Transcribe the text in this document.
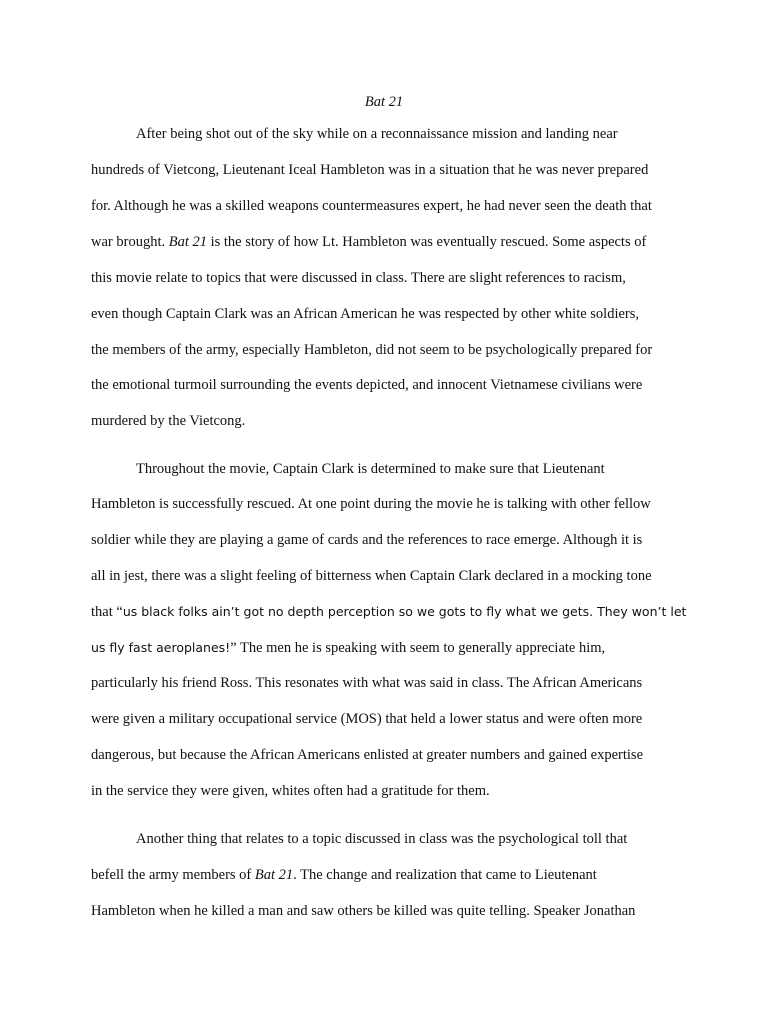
Bat 21
After being shot out of the sky while on a reconnaissance mission and landing near
hundreds of Vietcong, Lieutenant Iceal Hambleton was in a situation that he was never prepared
for. Although he was a skilled weapons countermeasures expert, he had never seen the death that
war brought. Bat 21 is the story of how Lt. Hambleton was eventually rescued. Some aspects of
this movie relate to topics that were discussed in class. There are slight references to racism,
even though Captain Clark was an African American he was respected by other white soldiers,
the members of the army, especially Hambleton, did not seem to be psychologically prepared for
the emotional turmoil surrounding the events depicted, and innocent Vietnamese civilians were
murdered by the Vietcong.
Throughout the movie, Captain Clark is determined to make sure that Lieutenant
Hambleton is successfully rescued. At one point during the movie he is talking with other fellow
soldier while they are playing a game of cards and the references to race emerge. Although it is
all in jest, there was a slight feeling of bitterness when Captain Clark declared in a mocking tone
that “us black folks ain’t got no depth perception so we gots to fly what we gets. They won’t let
us fly fast aeroplanes!” The men he is speaking with seem to generally appreciate him,
particularly his friend Ross. This resonates with what was said in class. The African Americans
were given a military occupational service (MOS) that held a lower status and were often more
dangerous, but because the African Americans enlisted at greater numbers and gained expertise
in the service they were given, whites often had a gratitude for them.
Another thing that relates to a topic discussed in class was the psychological toll that
befell the army members of Bat 21. The change and realization that came to Lieutenant
Hambleton when he killed a man and saw others be killed was quite telling. Speaker Jonathan
